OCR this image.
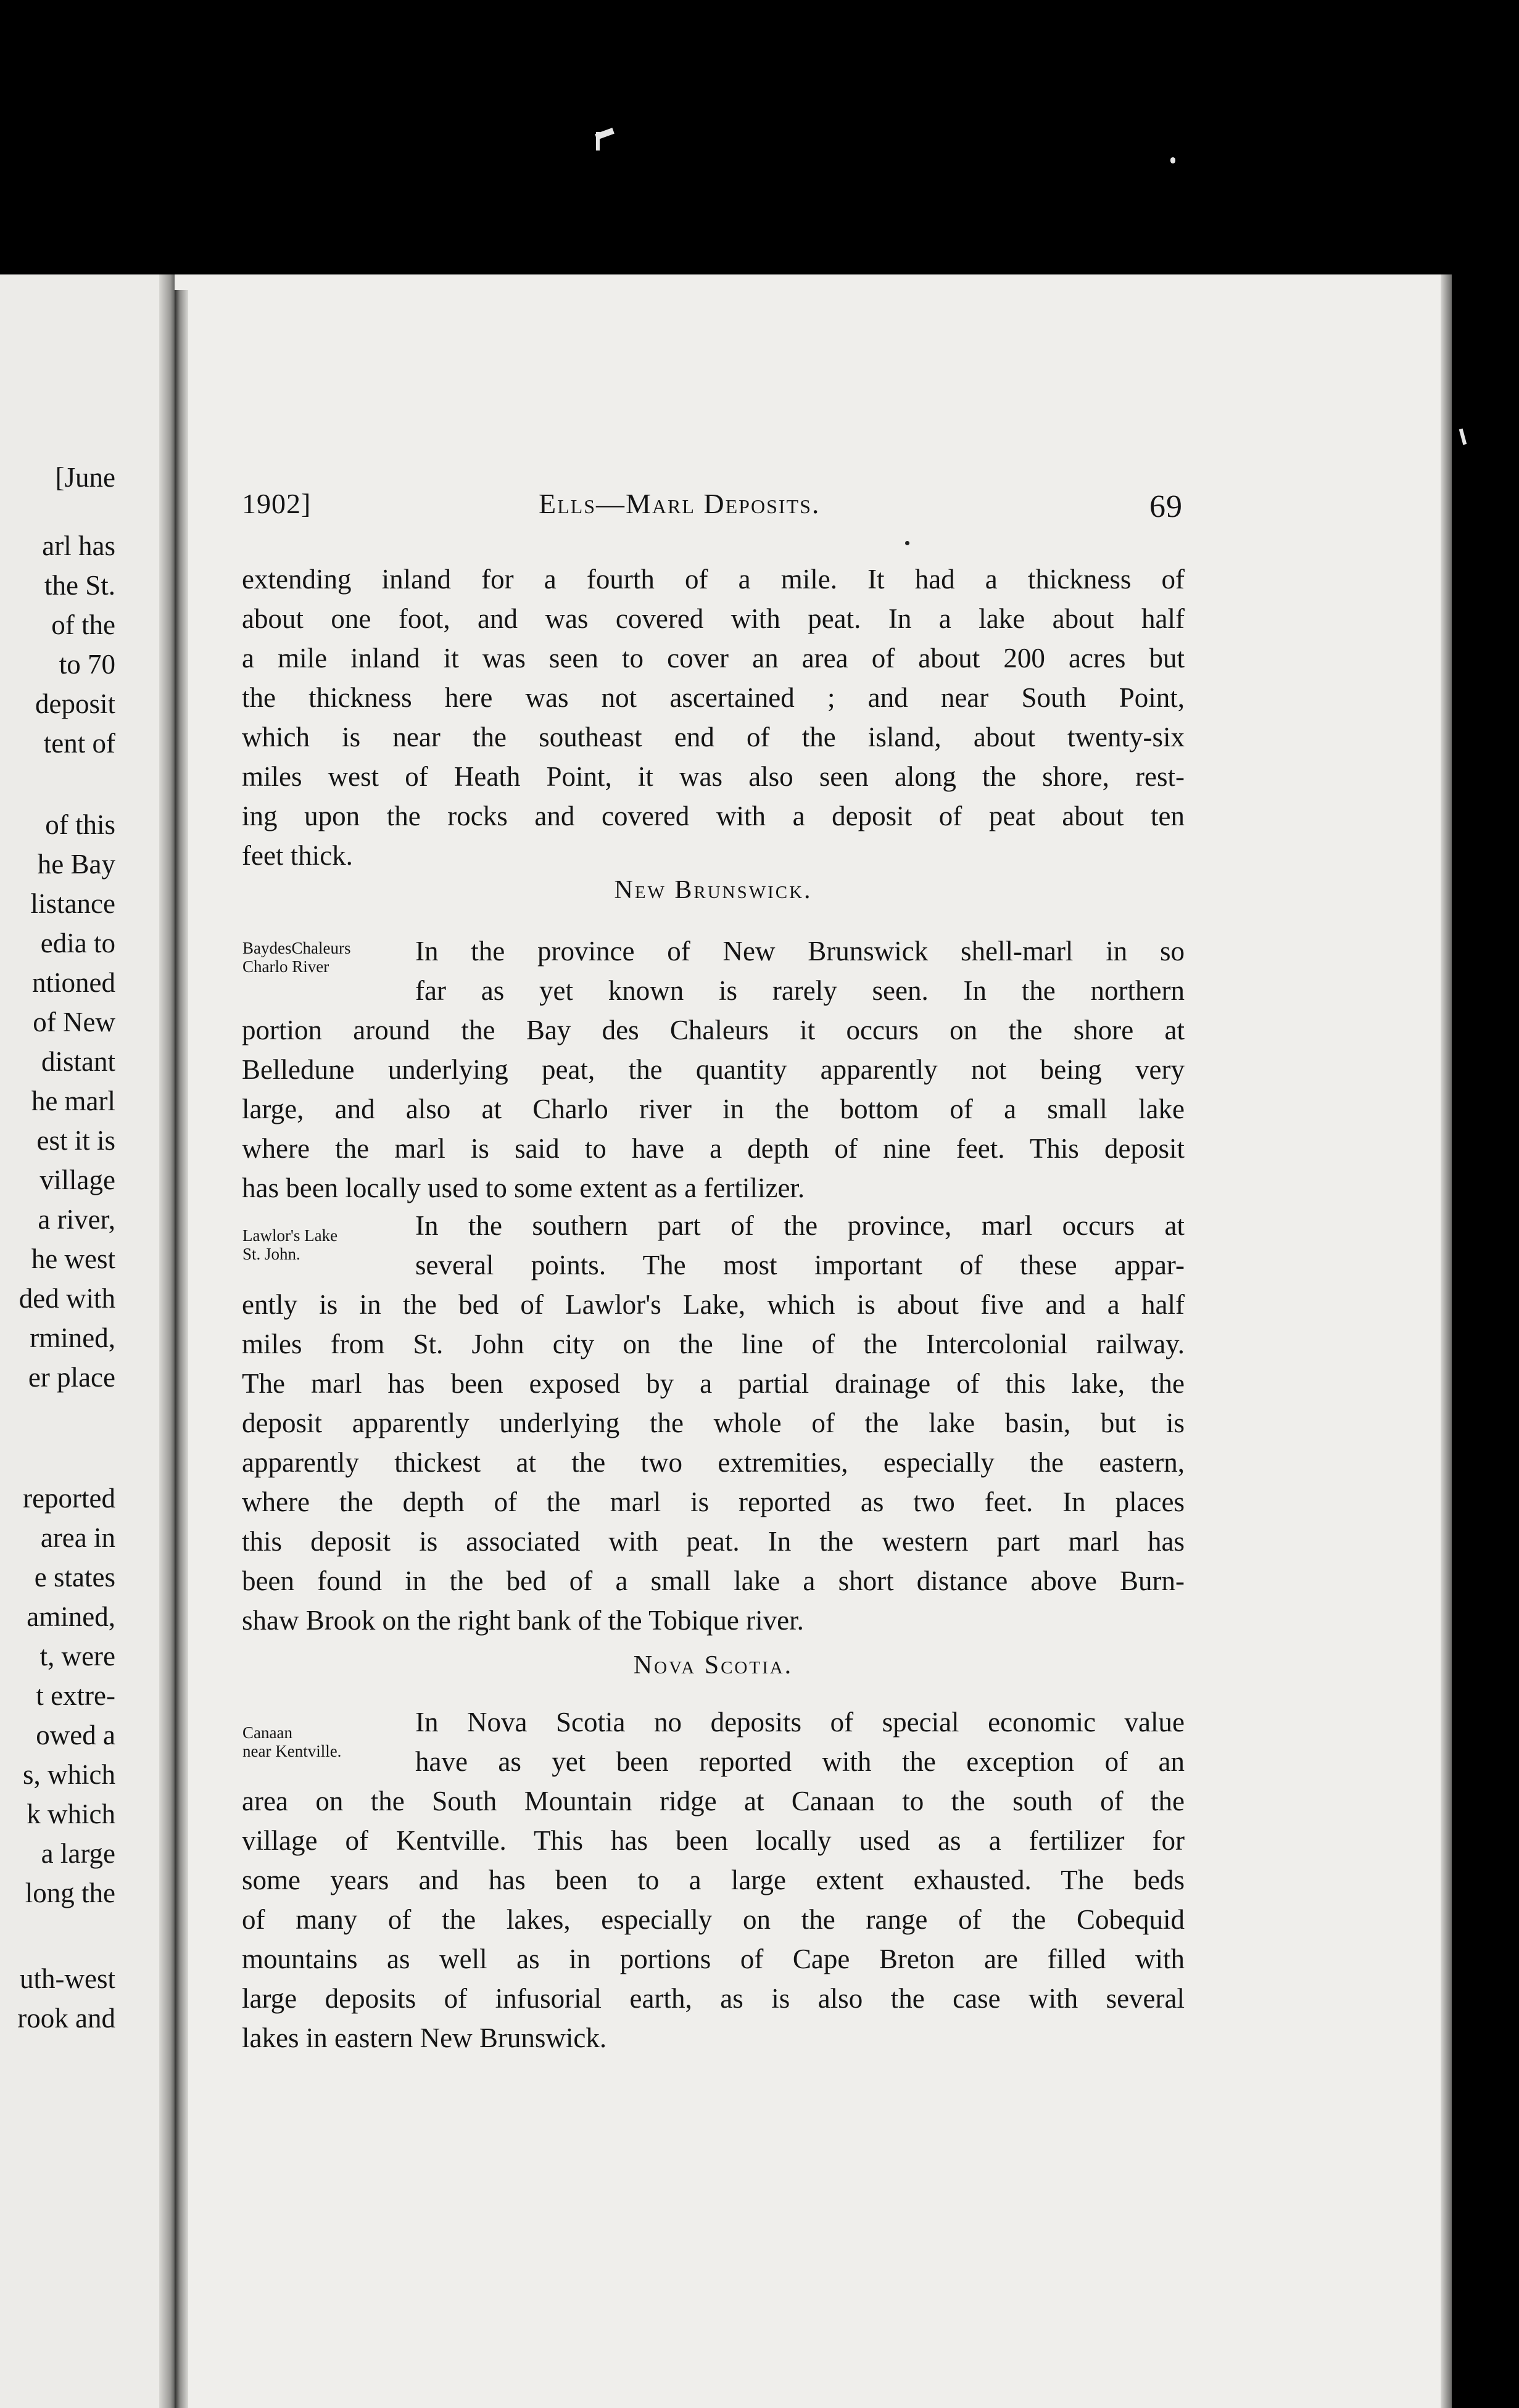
[June
arl has
the St.
of the
to 70
deposit
tent of
of this
he Bay
listance
edia to
ntioned
of New
distant
he marl
est it is
village
a river,
he west
ded with
rmined,
er place
reported
area in
e states
amined,
t, were
t extre-
owed a
s, which
k which
a large
long the
uth-west
rook and
1902]	Ells—Marl Deposits.	69
extending inland for a fourth of a mile. It had a thickness of
about one foot, and was covered with peat. In a lake about half
a mile inland it was seen to cover an area of about 200 acres but
the thickness here was not ascertained ; and near South Point,
which is near the southeast end of the island, about twenty-six
miles west of Heath Point, it was also seen along the shore, rest-
ing upon the rocks and covered with a deposit of peat about ten
feet thick.
In the province of New Brunswick shell-marl in so
far as yet known is rarely seen. In the northern
portion around the Bay des Chaleurs it occurs on the shore at
Belledune underlying peat, the quantity apparently not being very
large, and also at Charlo river in the bottom of a small lake
where the marl is said to have a depth of nine feet. This deposit
has been locally used to some extent as a fertilizer.
In the southern part of the province, marl occurs at
several points. The most important of these appar-
ently is in the bed of Lawlor's Lake, which is about five and a half
miles from St. John city on the line of the Intercolonial railway.
The marl has been exposed by a partial drainage of this lake, the
deposit apparently underlying the whole of the lake basin, but is
apparently thickest at the two extremities, especially the eastern,
where the depth of the marl is reported as two feet. In places
this deposit is associated with peat. In the western part marl has
been found in the bed of a small lake a short distance above Burn-
shaw Brook on the right bank of the Tobique river.
In Nova Scotia no deposits of special economic value
have as yet been reported with the exception of an
area on the South Mountain ridge at Canaan to the south of the
village of Kentville. This has been locally used as a fertilizer for
some years and has been to a large extent exhausted. The beds
of many of the lakes, especially on the range of the Cobequid
mountains as well as in portions of Cape Breton are filled with
large deposits of infusorial earth, as is also the case with several
lakes in eastern New Brunswick.
New Brunswick.
Nova Scotia.
BaydesChaleurs
Charlo River
Lawlor's Lake
St. John.
Canaan
near Kentville.
